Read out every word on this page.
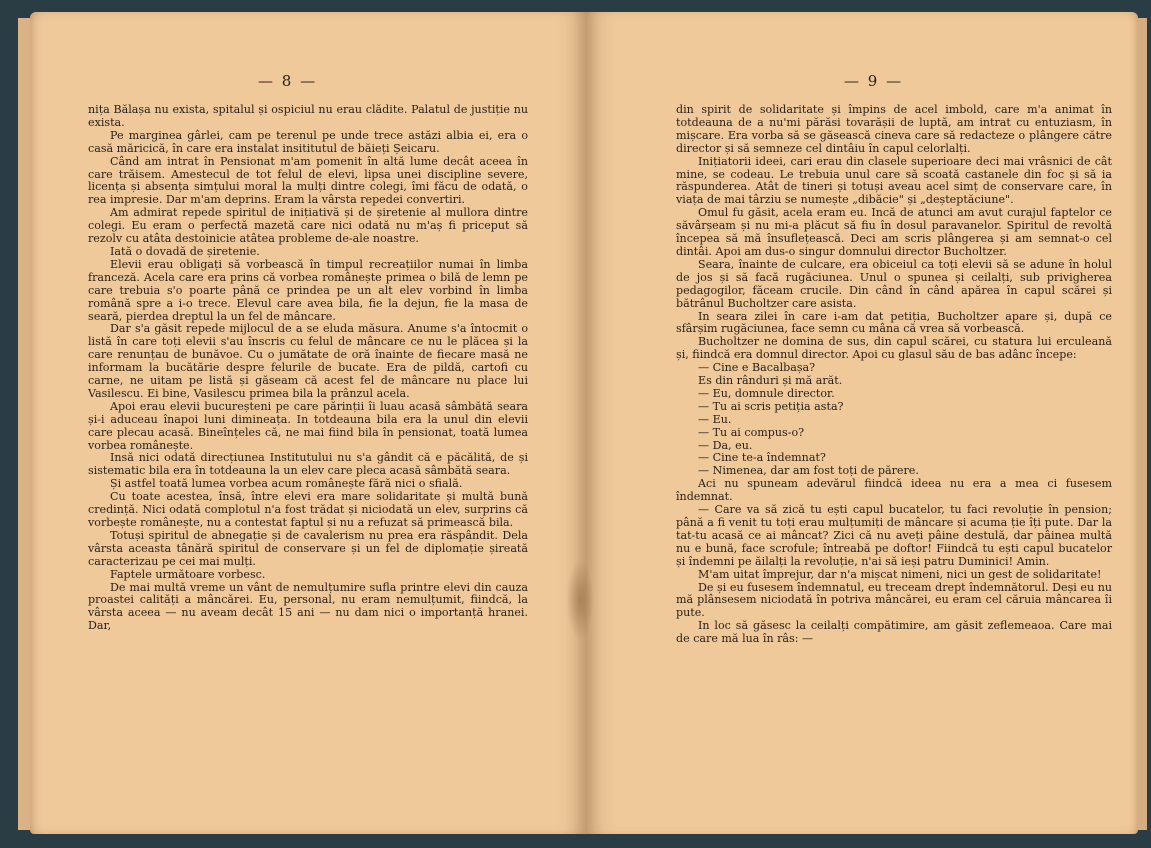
— 8 —

nița Bălașa nu exista, spitalul și ospiciul nu erau clădite. Palatul de justiție nu exista.

Pe marginea gârlei, cam pe terenul pe unde trece astăzi albia ei, era o casă măricică, în care era instalat insititutul de băieți Șeicaru.

Când am intrat în Pensionat m'am pomenit în altă lume decât aceea în care trăisem. Amestecul de tot felul de elevi, lipsa unei discipline severe, licența și absența simțului moral la mulți dintre colegi, îmi făcu de odată, o rea impresie. Dar m'am deprins. Eram la vârsta repedei convertiri.

Am admirat repede spiritul de inițiativă și de șiretenie al mullora dintre colegi. Eu eram o perfectă mazetă care nici odată nu m'aș fi priceput să rezolv cu atâta destoinicie atâtea probleme de-ale noastre.

Iată o dovadă de șiretenie.

Elevii erau obligați să vorbească în timpul recreațiilor numai în limba franceză. Acela care era prins că vorbea românește primea o bilă de lemn pe care trebuia s'o poarte până ce prindea pe un alt elev vorbind în limba română spre a i-o trece. Elevul care avea bila, fie la dejun, fie la masa de seară, pierdea dreptul la un fel de mâncare.

Dar s'a găsit repede mijlocul de a se eluda măsura. Anume s'a întocmit o listă în care toți elevii s'au înscris cu felul de mâncare ce nu le plăcea și la care renunțau de bunăvoe. Cu o jumătate de oră înainte de fiecare masă ne informam la bucătărie despre felurile de bucate. Era de pildă, cartofi cu carne, ne uitam pe listă și găseam că acest fel de mâncare nu place lui Vasilescu. Ei bine, Vasilescu primea bila la prânzul acela.

Apoi erau elevii bucureșteni pe care părinții îi luau acasă sâmbătă seara și-i aduceau înapoi luni dimineața. In totdeauna bila era la unul din elevii care plecau acasă. Bineînțeles că, ne mai fiind bila în pensionat, toată lumea vorbea românește.

Insă nici odată direcțiunea Institutului nu s'a gândit că e păcălită, de și sistematic bila era în totdeauna la un elev care pleca acasă sâmbătă seara.

Și astfel toată lumea vorbea acum românește fără nici o sfială.

Cu toate acestea, însă, între elevi era mare solidaritate și multă bună credință. Nici odată complotul n'a fost trădat și niciodată un elev, surprins că vorbește românește, nu a contestat faptul și nu a refuzat să primească bila.

Totuși spiritul de abnegație și de cavalerism nu prea era răspândit. Dela vârsta aceasta tânără spiritul de conservare și un fel de diplomație șireată caracterizau pe cei mai mulți.

Faptele următoare vorbesc.

De mai multă vreme un vânt de nemulțumire sufla printre elevi din cauza proastei calități a mâncărei. Eu, personal, nu eram nemulțumit, fiindcă, la vârsta aceea — nu aveam decât 15 ani — nu dam nici o importanță hranei. Dar,

— 9 —

din spirit de solidaritate și împins de acel imbold, care m'a animat în totdeauna de a nu'mi părăsi tovarășii de luptă, am intrat cu entuziasm, în mișcare. Era vorba să se găsească cineva care să redacteze o plângere către director și să semneze cel dintâiu în capul celorlalți.

Inițiatorii ideei, cari erau din clasele superioare deci mai vrâsnici de cât mine, se codeau. Le trebuia unul care să scoată castanele din foc și să ia răspunderea. Atât de tineri și totuși aveau acel simț de conservare care, în viața de mai târziu se numește „dibăcie" și „deșteptăciune".

Omul fu găsit, acela eram eu. Incă de atunci am avut curajul faptelor ce săvârșeam și nu mi-a plăcut să fiu în dosul paravanelor. Spiritul de revoltă începea să mă însuflețească. Deci am scris plângerea și am semnat-o cel dintâi. Apoi am dus-o singur domnului director Bucholtzer.

Seara, înainte de culcare, era obiceiul ca toți elevii să se adune în holul de jos și să facă rugăciunea. Unul o spunea și ceilalți, sub privigherea pedagogilor, făceam crucile. Din când în când apărea în capul scărei și bătrânul Bucholtzer care asista.

In seara zilei în care i-am dat petiția, Bucholtzer apare și, după ce sfârșim rugăciunea, face semn cu mâna că vrea să vorbească.

Bucholtzer ne domina de sus, din capul scărei, cu statura lui erculeană și, fiindcă era domnul director. Apoi cu glasul său de bas adânc începe:

— Cine e Bacalbașa?

Es din rânduri și mă arăt.

— Eu, domnule director.

— Tu ai scris petiția asta?

— Eu.

— Tu ai compus-o?

— Da, eu.

— Cine te-a îndemnat?

— Nimenea, dar am fost toți de părere.

Aci nu spuneam adevărul fiindcă ideea nu era a mea ci fusesem îndemnat.

— Care va să zică tu ești capul bucatelor, tu faci revoluție în pension; până a fi venit tu toți erau mulțumiți de mâncare și acuma ție îți pute. Dar la tat-tu acasă ce ai mâncat? Zici că nu aveți pâine destulă, dar pâinea multă nu e bună, face scrofule; întreabă pe doftor! Fiindcă tu ești capul bucatelor și îndemni pe ăilalți la revoluție, n'ai să ieși patru Duminici! Amin.

M'am uitat împrejur, dar n'a mișcat nimeni, nici un gest de solidaritate!

De și eu fusesem îndemnatul, eu treceam drept îndemnătorul. Deși eu nu mă plânsesem niciodată în potriva mâncărei, eu eram cel căruia mâncarea îi pute.

In loc să găsesc la ceilalți compătimire, am găsit zeflemeaoa. Care mai de care mă lua în râs: —
